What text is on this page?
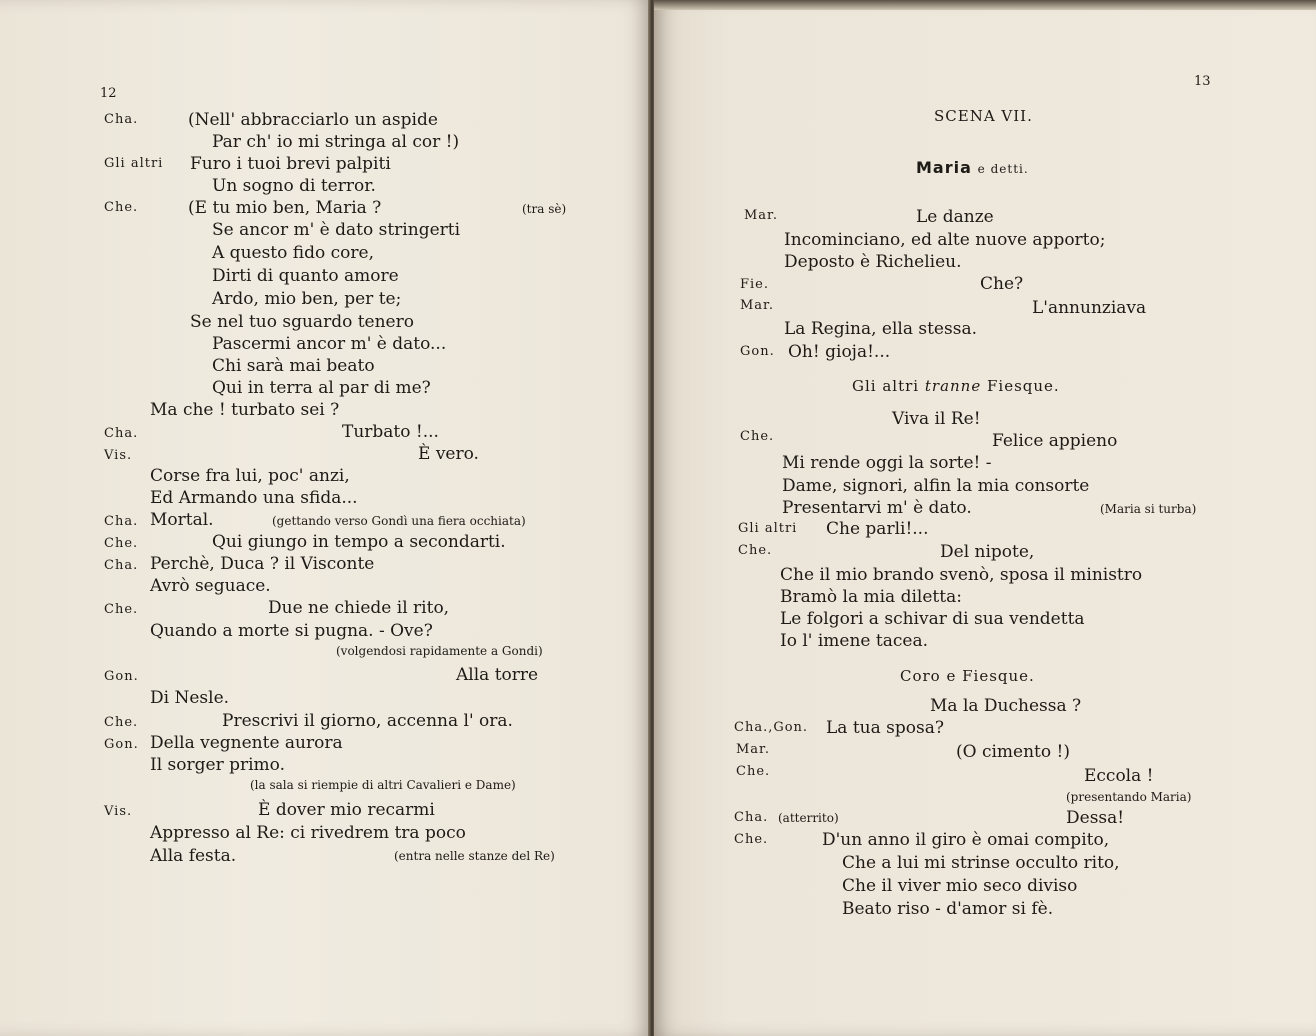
12
Cha.	(Nell' abbracciarlo un aspide
Par ch' io mi stringa al cor !)
Gli altri Furo i tuoi brevi palpiti
Un sogno di terror.
Che.	(E tu mio ben, Maria ?	(tra sè)
Se ancor m' è dato stringerti
A questo fido core,
Dirti di quanto amore
Ardo, mio ben, per te;
Se nel tuo sguardo tenero
Pascermi ancor m' è dato...
Chi sarà mai beato
Qui in terra al par di me?
Ma che ! turbato sei ?
Cha.	Turbato !...
Vis.	È vero.
Corse fra lui, poc' anzi,
Ed Armando una sfida...
Cha. Mortal.	(gettando verso Gondì una fiera occhiata)
Che.	Qui giungo in tempo a secondarti.
Cha. Perchè, Duca ? il Visconte
Avrò seguace.
Che.	Due ne chiede il rito,
Quando a morte si pugna. - Ove?
(volgendosi rapidamente a Gondi)
Gon.	Alla torre
Di Nesle.
Che.	Prescrivi il giorno, accenna l' ora.
Gon. Della vegnente aurora
Il sorger primo.
(la sala si riempie di altri Cavalieri e Dame)
Vis.	È dover mio recarmi
Appresso al Re: ci rivedrem tra poco
Alla festa.	(entra nelle stanze del Re)
13
SCENA VII.
Maria e detti.
Mar.	Le danze
Incominciano, ed alte nuove apporto;
Deposto è Richelieu.
Fie.	Che?
Mar.	L'annunziava
La Regina, ella stessa.
Gon. Oh! gioja!...
Gli altri tranne Fiesque.
Viva il Re!
Che.	Felice appieno
Mi rende oggi la sorte! -
Dame, signori, alfin la mia consorte
Presentarvi m' è dato.	(Maria si turba)
Gli altri Che parli!...
Che.	Del nipote,
Che il mio brando svenò, sposa il ministro
Bramò la mia diletta:
Le folgori a schivar di sua vendetta
Io l' imene tacea.
Coro e Fiesque.
Ma la Duchessa ?
Cha.,Gon. La tua sposa?
Mar.	(O cimento !)
Che.	Eccola !
(presentando Maria)
Cha. (atterrito)	Dessa!
Che.	D'un anno il giro è omai compito,
Che a lui mi strinse occulto rito,
Che il viver mio seco diviso
Beato riso - d'amor si fè.
